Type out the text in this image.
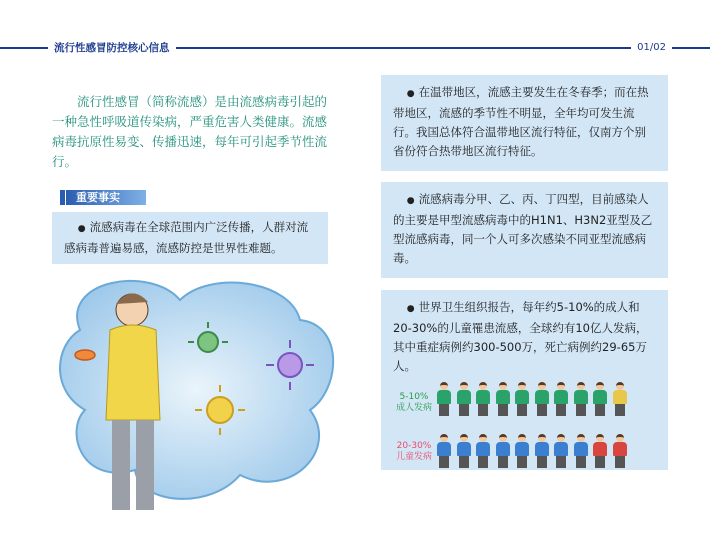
流行性感冒防控核心信息	01/02
流行性感冒（简称流感）是由流感病毒引起的一种急性呼吸道传染病，严重危害人类健康。流感病毒抗原性易变、传播迅速，每年可引起季节性流行。
重要事实

● 流感病毒在全球范围内广泛传播，人群对流感病毒普遍易感，流感防控是世界性难题。

● 在温带地区，流感主要发生在冬春季；而在热带地区，流感的季节性不明显，全年均可发生流行。我国总体符合温带地区流行特征，仅南方个别省份符合热带地区流行特征。

● 流感病毒分甲、乙、丙、丁四型，目前感染人的主要是甲型流感病毒中的H1N1、H3N2亚型及乙型流感病毒，同一个人可多次感染不同亚型流感病毒。

● 世界卫生组织报告，每年约5-10%的成人和20-30%的儿童罹患流感，全球约有10亿人发病，其中重症病例约300-500万，死亡病例约29-65万人。

5-10%
成人发病
20-30%
儿童发病
